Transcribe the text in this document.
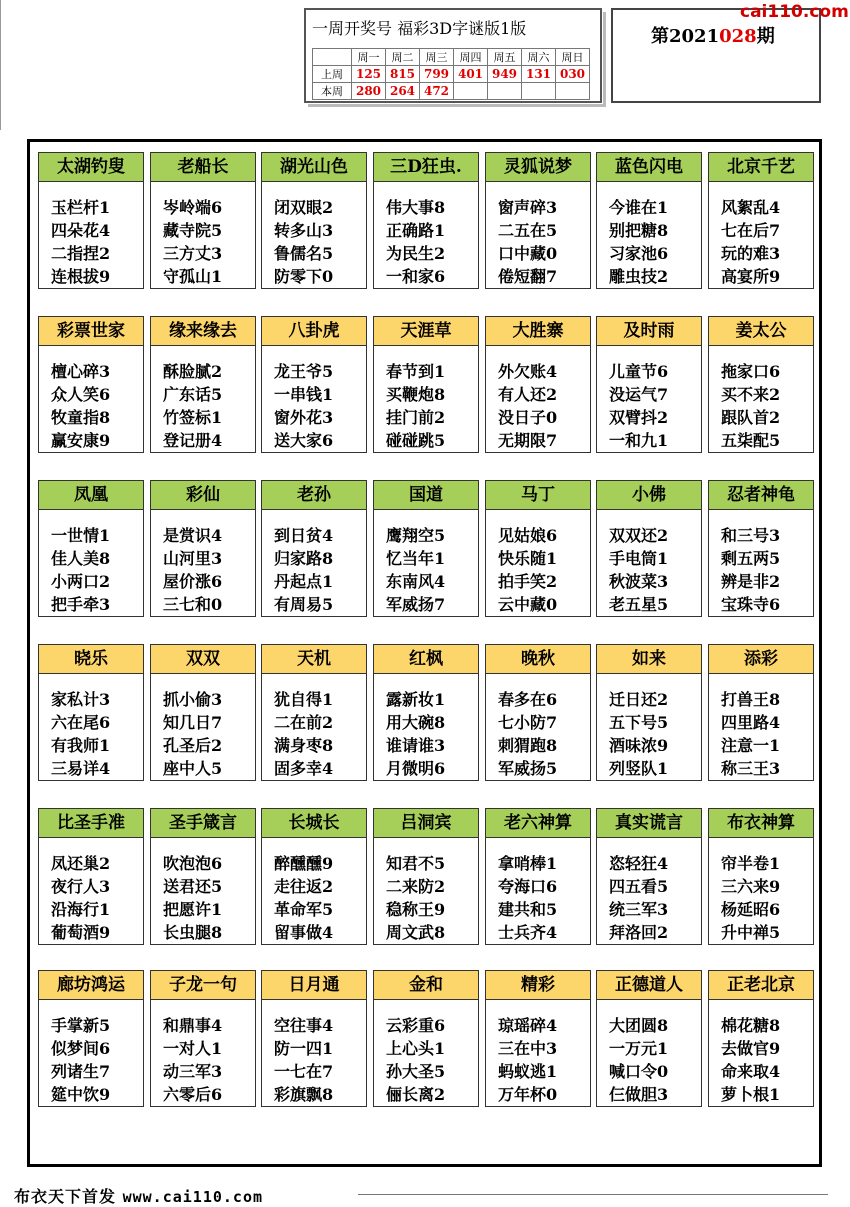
一周开奖号 福彩3D字谜版1版
	周一	周二	周三	周四	周五	周六	周日
上周	125	815	799	401	949	131	030
本周	280	264	472				
第2021028期
cai110.com
太湖钓叟
玉栏杆1
四朵花4
二指捏2
连根拔9
老船长
岑岭端6
藏寺院5
三方丈3
守孤山1
湖光山色
闭双眼2
转多山3
鲁儒名5
防零下0
三D狂虫.
伟大事8
正确路1
为民生2
一和家6
灵狐说梦
窗声碎3
二五在5
口中藏0
倦短翻7
蓝色闪电
今谁在1
别把糖8
习家池6
雕虫技2
北京千艺
风絮乱4
七在后7
玩的难3
高宴所9
彩票世家
檀心碎3
众人笑6
牧童指8
赢安康9
缘来缘去
酥脸腻2
广东话5
竹签标1
登记册4
八卦虎
龙王爷5
一串钱1
窗外花3
送大家6
天涯草
春节到1
买鞭炮8
挂门前2
碰碰跳5
大胜寨
外欠账4
有人还2
没日子0
无期限7
及时雨
儿童节6
没运气7
双臂抖2
一和九1
姜太公
拖家口6
买不来2
跟队首2
五柒配5
凤凰
一世情1
佳人美8
小两口2
把手牵3
彩仙
是赏识4
山河里3
屋价涨6
三七和0
老孙
到日贫4
归家路8
丹起点1
有周易5
国道
鹰翔空5
忆当年1
东南风4
军威扬7
马丁
见姑娘6
快乐随1
拍手笑2
云中藏0
小佛
双双还2
手电筒1
秋波菜3
老五星5
忍者神龟
和三号3
剩五两5
辨是非2
宝珠寺6
晓乐
家私计3
六在尾6
有我师1
三易详4
双双
抓小偷3
知几日7
孔圣后2
座中人5
天机
犹自得1
二在前2
满身枣8
固多幸4
红枫
露新妆1
用大碗8
谁请谁3
月微明6
晚秋
春多在6
七小防7
刺猬跑8
军威扬5
如来
迁日还2
五下号5
酒味浓9
列竖队1
添彩
打兽王8
四里路4
注意一1
称三王3
比圣手准
凤还巢2
夜行人3
沿海行1
葡萄酒9
圣手箴言
吹泡泡6
送君还5
把愿许1
长虫腿8
长城长
醉醺醺9
走往返2
革命军5
留事做4
吕洞宾
知君不5
二来防2
稳称王9
周文武8
老六神算
拿哨棒1
夸海口6
建共和5
士兵齐4
真实谎言
恣轻狂4
四五看5
统三军3
拜洛回2
布衣神算
帘半卷1
三六来9
杨延昭6
升中禅5
廊坊鸿运
手掌新5
似梦间6
列诸生7
筵中饮9
子龙一句
和鼎事4
一对人1
动三军3
六零后6
日月通
空往事4
防一四1
一七在7
彩旗飘8
金和
云彩重6
上心头1
孙大圣5
俪长离2
精彩
琼瑶碎4
三在中3
蚂蚁逃1
万年杯0
正德道人
大团圆8
一万元1
喊口令0
仨做胆3
正老北京
棉花糖8
去做官9
命来取4
萝卜根1
布衣天下首发 www.cai110.com
